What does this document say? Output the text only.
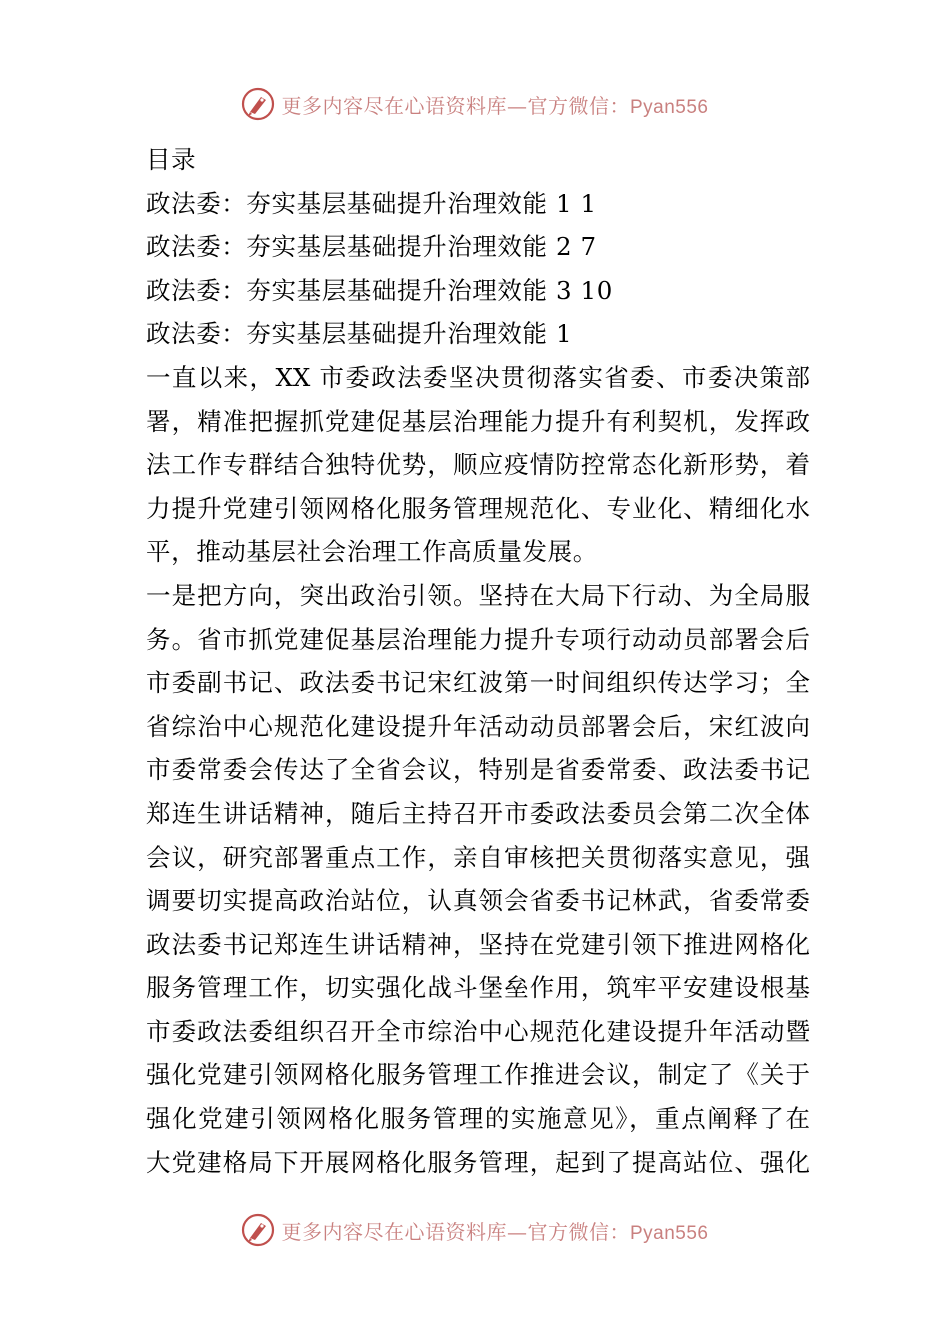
更多内容尽在心语资料库—官方微信：Pyan556
目录
政法委：夯实基层基础提升治理效能 1 1
政法委：夯实基层基础提升治理效能 2 7
政法委：夯实基层基础提升治理效能 3 10
政法委：夯实基层基础提升治理效能 1
一直以来，XX 市委政法委坚决贯彻落实省委、市委决策部
署，精准把握抓党建促基层治理能力提升有利契机，发挥政
法工作专群结合独特优势，顺应疫情防控常态化新形势，着
力提升党建引领网格化服务管理规范化、专业化、精细化水
平，推动基层社会治理工作高质量发展。
一是把方向，突出政治引领。坚持在大局下行动、为全局服
务。省市抓党建促基层治理能力提升专项行动动员部署会后
市委副书记、政法委书记宋红波第一时间组织传达学习；全
省综治中心规范化建设提升年活动动员部署会后，宋红波向
市委常委会传达了全省会议，特别是省委常委、政法委书记
郑连生讲话精神，随后主持召开市委政法委员会第二次全体
会议，研究部署重点工作，亲自审核把关贯彻落实意见，强
调要切实提高政治站位，认真领会省委书记林武，省委常委
政法委书记郑连生讲话精神，坚持在党建引领下推进网格化
服务管理工作，切实强化战斗堡垒作用，筑牢平安建设根基
市委政法委组织召开全市综治中心规范化建设提升年活动暨
强化党建引领网格化服务管理工作推进会议，制定了《关于
强化党建引领网格化服务管理的实施意见》，重点阐释了在
大党建格局下开展网格化服务管理，起到了提高站位、强化
更多内容尽在心语资料库—官方微信：Pyan556
